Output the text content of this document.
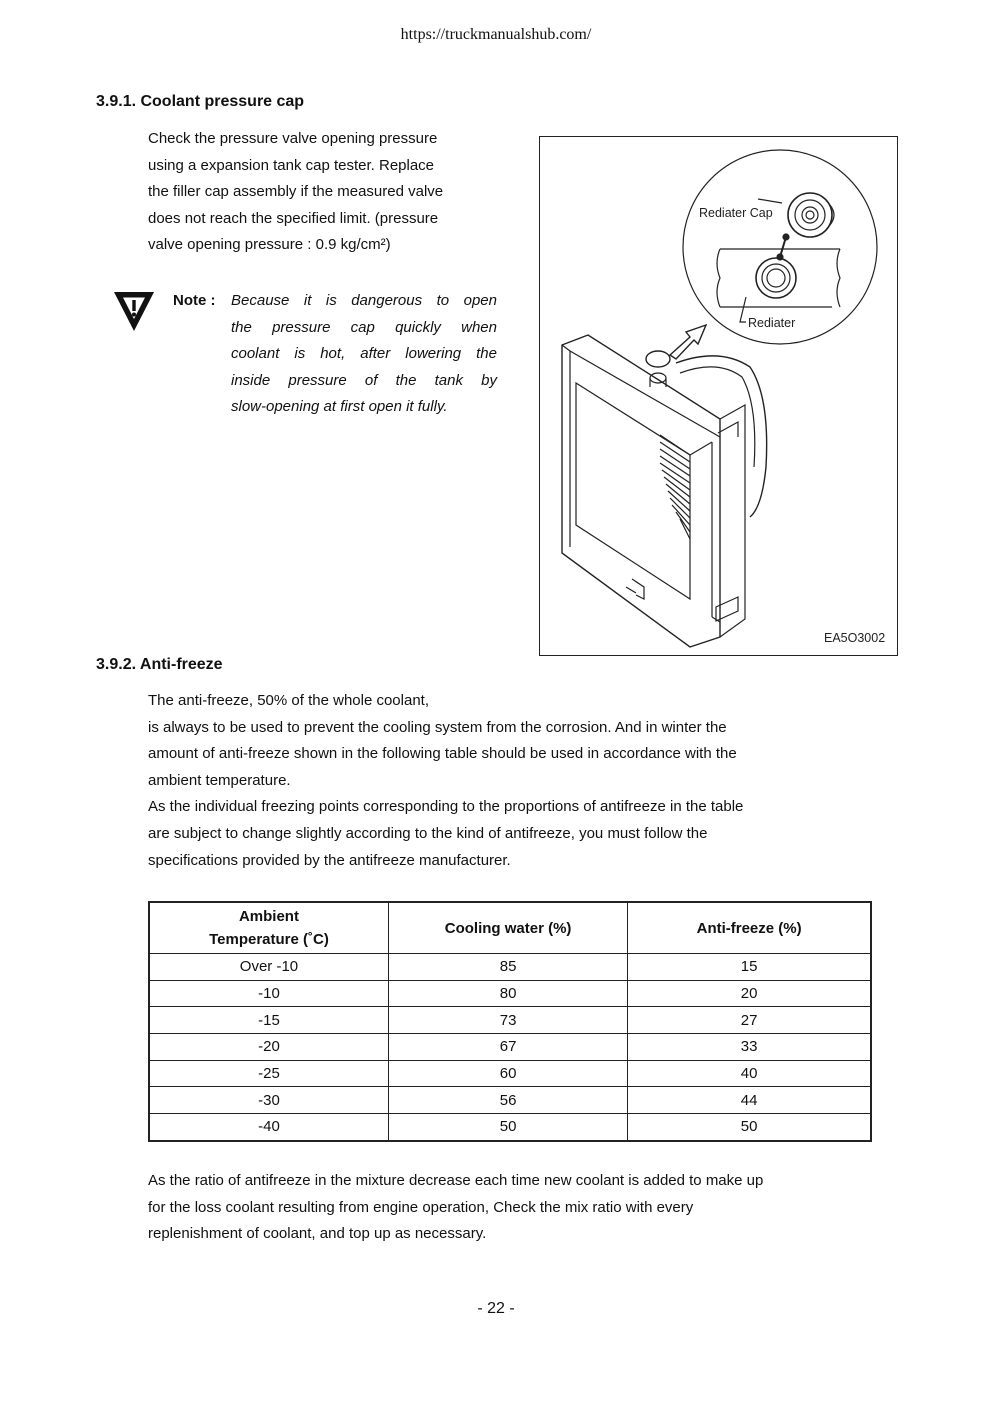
https://truckmanualshub.com/
3.9.1. Coolant pressure cap
Check the pressure valve opening pressure
using a expansion tank cap tester. Replace
the filler cap assembly if the measured valve
does not reach the specified limit. (pressure
valve opening pressure : 0.9 kg/cm²)
Note : Because it is dangerous to open
the pressure cap quickly when
coolant is hot, after lowering the
inside pressure of the tank by
slow-opening at first open it fully.
Rediater Cap
Rediater
EA5O3002
3.9.2. Anti-freeze
The anti-freeze, 50% of the whole coolant,
is always to be used to prevent the cooling system from the corrosion. And in winter the
amount of anti-freeze shown in the following table should be used in accordance with the
ambient temperature.
As the individual freezing points corresponding to the proportions of antifreeze in the table
are subject to change slightly according to the kind of antifreeze, you must follow the
specifications provided by the antifreeze manufacturer.
Ambient
Temperature (˚C)	Cooling water (%)	Anti-freeze (%)
Over -10	85	15
-10	80	20
-15	73	27
-20	67	33
-25	60	40
-30	56	44
-40	50	50
As the ratio of antifreeze in the mixture decrease each time new coolant is added to make up
for the loss coolant resulting from engine operation, Check the mix ratio with every
replenishment of coolant, and top up as necessary.
- 22 -
